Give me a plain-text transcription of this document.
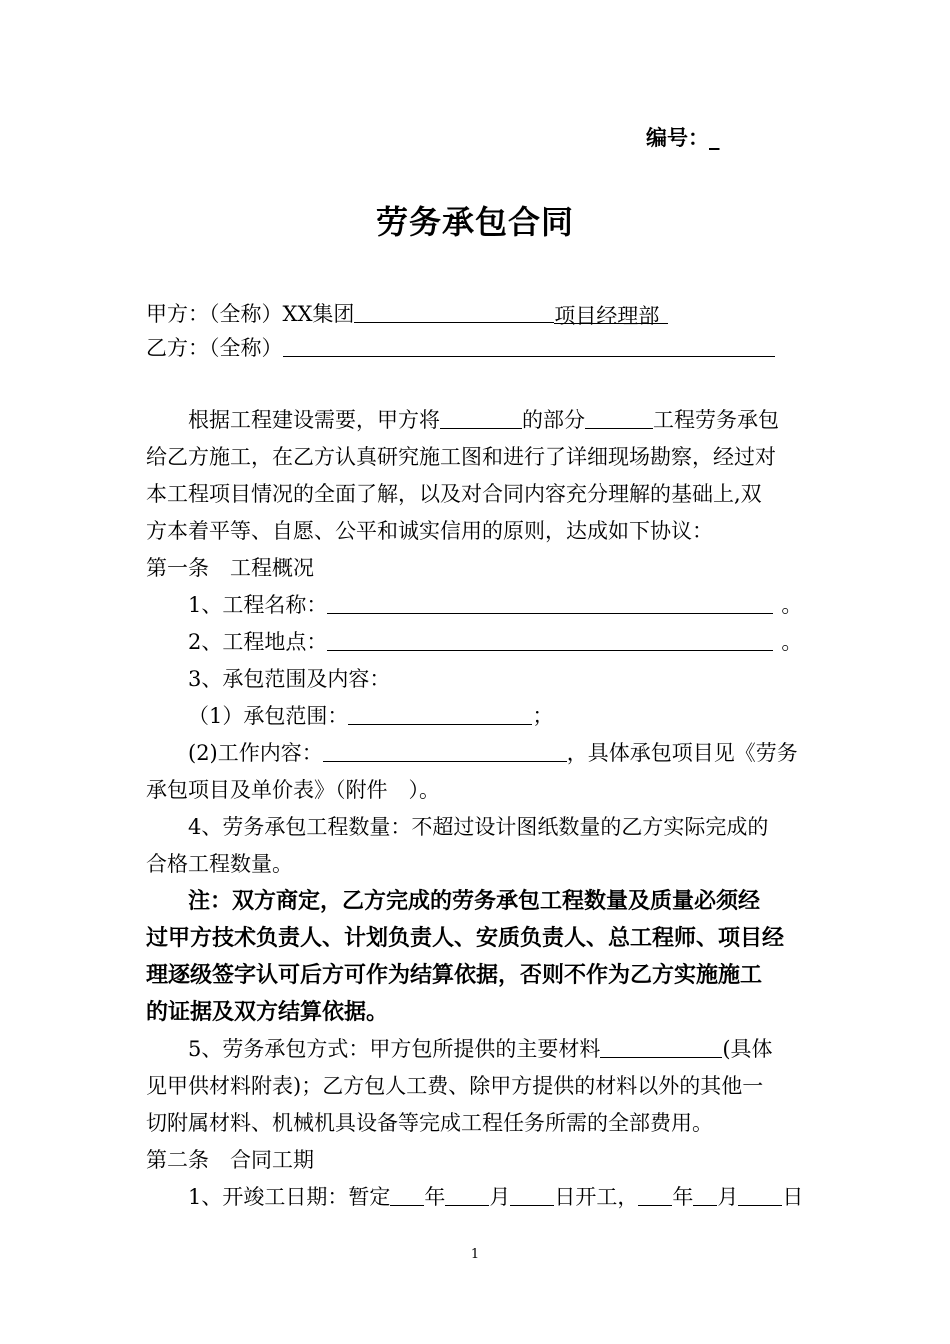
编号：_
劳务承包合同
甲方：（全称）XX集团	项目经理部
乙方：（全称）
根据工程建设需要，甲方将	的部分	工程劳务承包
给乙方施工，在乙方认真研究施工图和进行了详细现场勘察，经过对
本工程项目情况的全面了解，以及对合同内容充分理解的基础上,双
方本着平等、自愿、公平和诚实信用的原则，达成如下协议：
第一条　工程概况
1、工程名称：	。
2、工程地点：	。
3、承包范围及内容：
（1）承包范围：	；
(2)工作内容：	，具体承包项目见《劳务
承包项目及单价表》（附件　）。
4、劳务承包工程数量：不超过设计图纸数量的乙方实际完成的
合格工程数量。
注：双方商定，乙方完成的劳务承包工程数量及质量必须经
过甲方技术负责人、计划负责人、安质负责人、总工程师、项目经
理逐级签字认可后方可作为结算依据，否则不作为乙方实施施工
的证据及双方结算依据。
5、劳务承包方式：甲方包所提供的主要材料	(具体
见甲供材料附表)；乙方包人工费、除甲方提供的材料以外的其他一
切附属材料、机械机具设备等完成工程任务所需的全部费用。
第二条　合同工期
1、开竣工日期：暂定 年 月 日开工， 年 月 日
1
